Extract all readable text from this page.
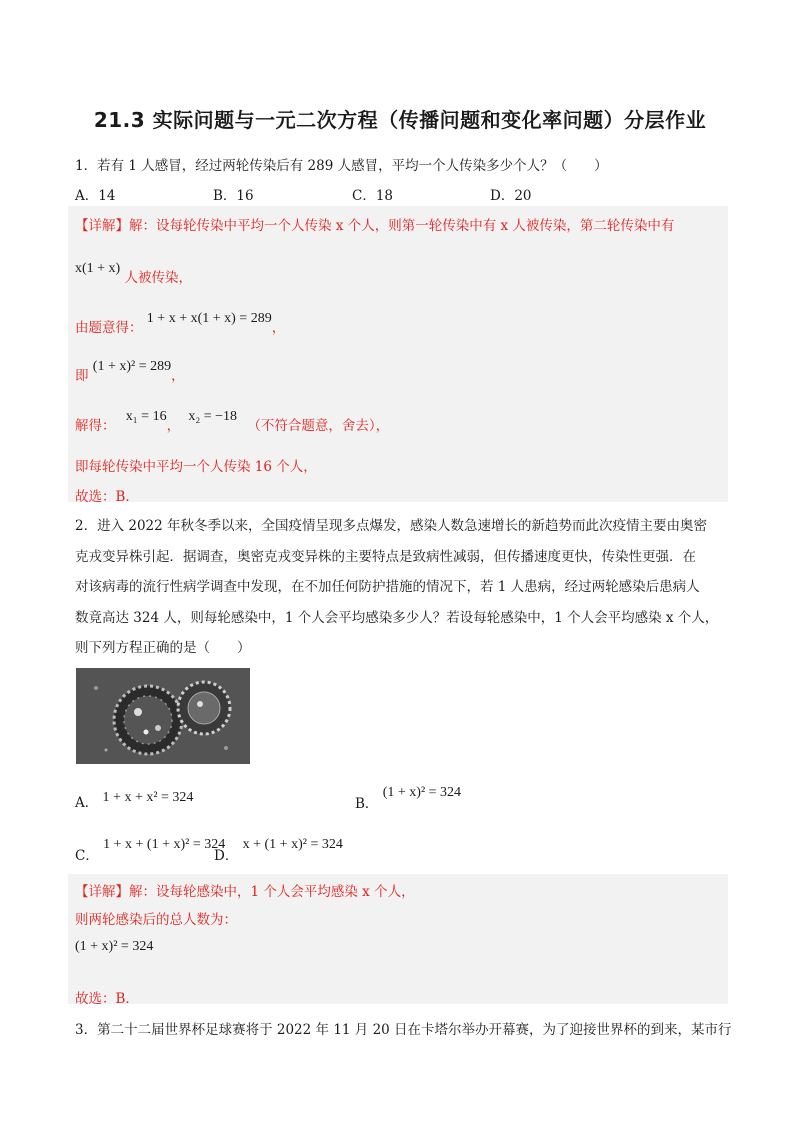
21.3 实际问题与一元二次方程（传播问题和变化率问题）分层作业
1．若有 1 人感冒，经过两轮传染后有 289 人感冒，平均一个人传染多少个人？（　　）
A．14	B．16	C．18	D．20
【详解】解：设每轮传染中平均一个人传染 x 个人，则第一轮传染中有 x 人被传染，第二轮传染中有
x(1 + x) 人被传染，
由题意得： 1 + x + x(1 + x) = 289，
即 (1 + x)² = 289，
解得： x₁ = 16， x₂ = −18 （不符合题意，舍去），
即每轮传染中平均一个人传染 16 个人，
故选：B．
2．进入 2022 年秋冬季以来，全国疫情呈现多点爆发，感染人数急速增长的新趋势而此次疫情主要由奥密
克戎变异株引起．据调查，奥密克戎变异株的主要特点是致病性减弱，但传播速度更快，传染性更强．在
对该病毒的流行性病学调查中发现，在不加任何防护措施的情况下，若 1 人患病，经过两轮感染后患病人
数竟高达 324 人，则每轮感染中，1 个人会平均感染多少人？若设每轮感染中，1 个人会平均感染 x 个人，
则下列方程正确的是（　　）
A． 1 + x + x² = 324	B． (1 + x)² = 324
C． 1 + x + (1 + x)² = 324
D． x + (1 + x)² = 324
【详解】解：设每轮感染中，1 个人会平均感染 x 个人，
则两轮感染后的总人数为：
(1 + x)² = 324
故选：B．
3．第二十二届世界杯足球赛将于 2022 年 11 月 20 日在卡塔尔举办开幕赛，为了迎接世界杯的到来，某市行
